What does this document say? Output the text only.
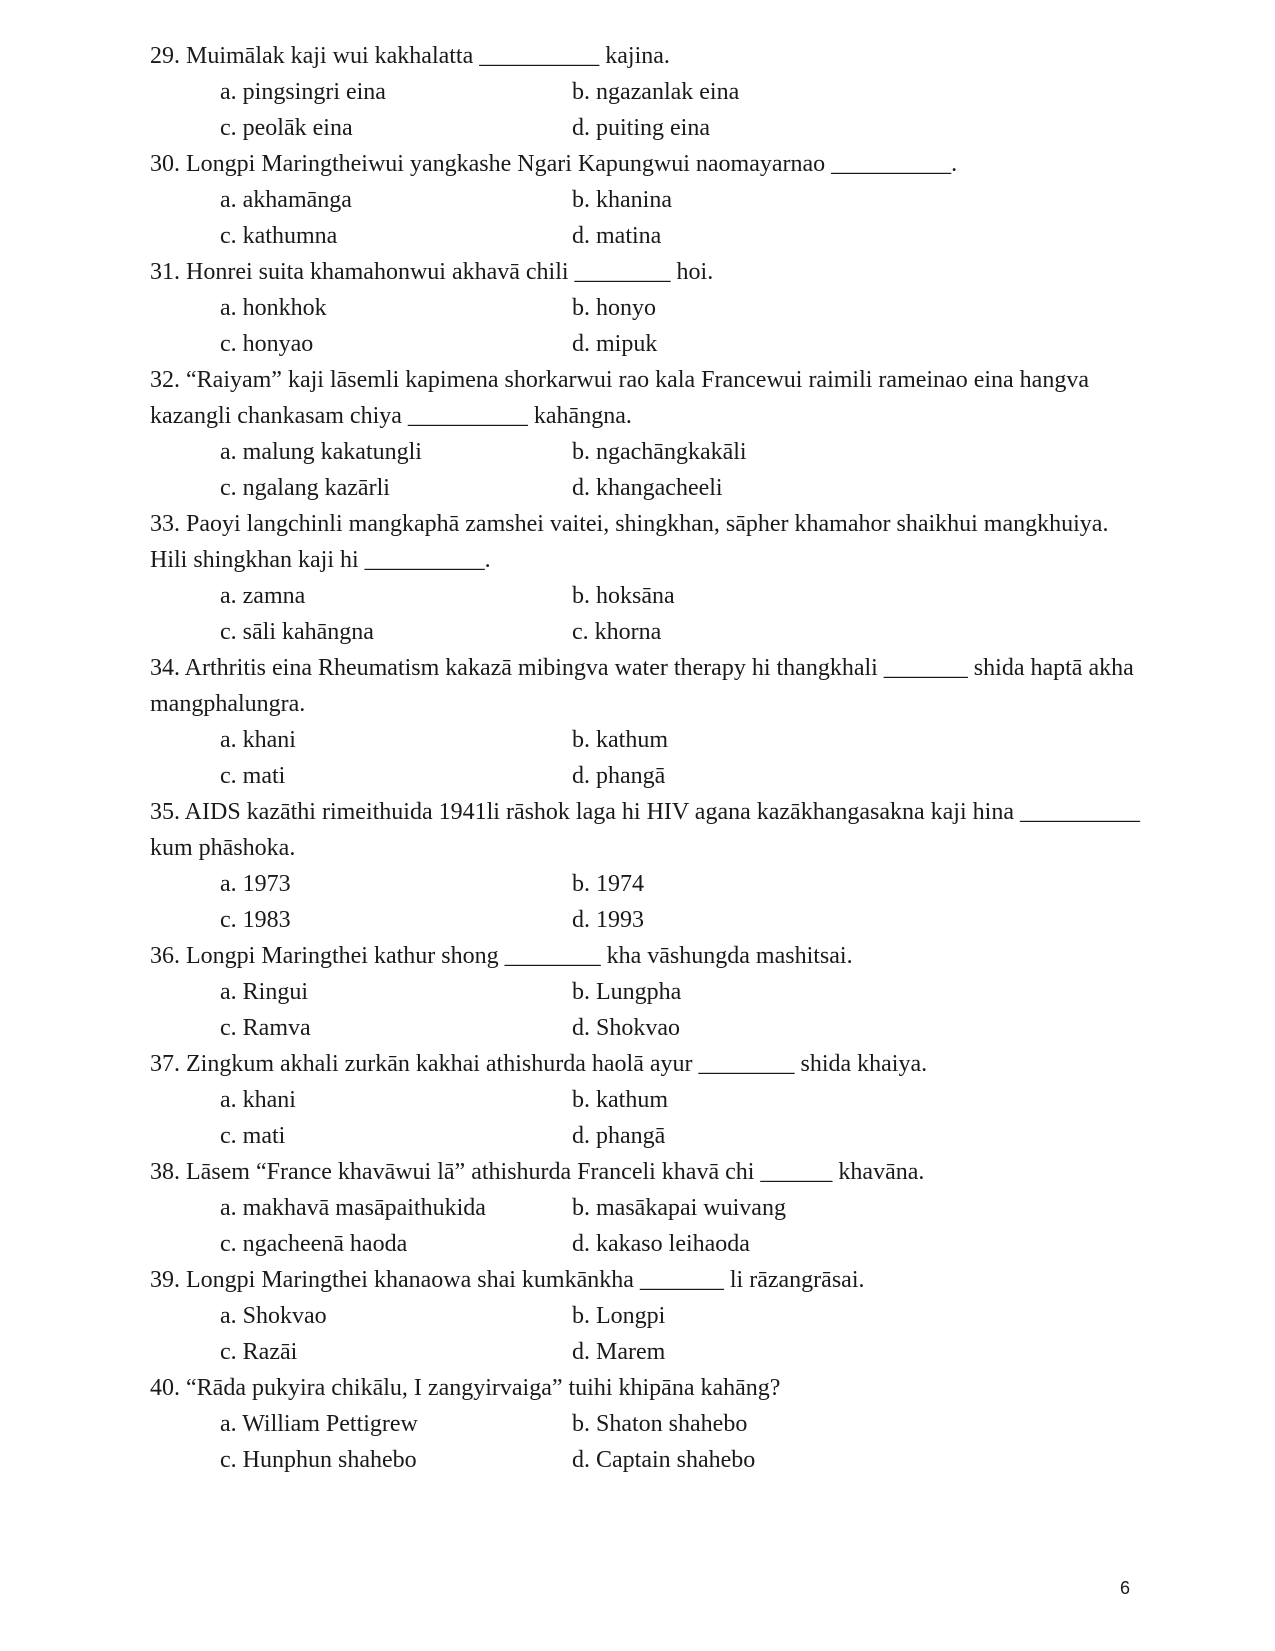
29. Muimālak kaji wui kakhalatta __________ kajina.

a. pingsingri eina	b. ngazanlak eina
c. peolāk eina	d. puiting eina

30. Longpi Maringtheiwui yangkashe Ngari Kapungwui naomayarnao __________.

a. akhamānga	b. khanina
c. kathumna	d. matina

31. Honrei suita khamahonwui akhavā chili ________ hoi.

a. honkhok	b. honyo
c. honyao	d. mipuk

32. “Raiyam” kaji lāsemli kapimena shorkarwui rao kala Francewui raimili rameinao eina hangva kazangli chankasam chiya __________ kahāngna.

a. malung kakatungli	b. ngachāngkakāli
c. ngalang kazārli	d. khangacheeli

33. Paoyi langchinli mangkaphā zamshei vaitei, shingkhan, sāpher khamahor shaikhui mangkhuiya. Hili shingkhan kaji hi __________.

a. zamna	b. hoksāna
c. sāli kahāngna	c. khorna

34. Arthritis eina Rheumatism kakazā mibingva water therapy hi thangkhali _______ shida haptā akha mangphalungra.

a. khani	b. kathum
c. mati	d. phangā

35. AIDS kazāthi rimeithuida 1941li rāshok laga hi HIV agana kazākhangasakna kaji hina __________ kum phāshoka.

a. 1973	b. 1974
c. 1983	d. 1993

36. Longpi Maringthei kathur shong ________ kha vāshungda mashitsai.

a. Ringui	b. Lungpha
c. Ramva	d. Shokvao

37. Zingkum akhali zurkān kakhai athishurda haolā ayur ________ shida khaiya.

a. khani	b. kathum
c. mati	d. phangā

38. Lāsem “France khavāwui lā” athishurda Franceli khavā chi ______ khavāna.

a. makhavā masāpaithukida	b. masākapai wuivang
c. ngacheenā haoda	d. kakaso leihaoda

39. Longpi Maringthei khanaowa shai kumkānkha _______ li rāzangrāsai.

a. Shokvao	b. Longpi
c. Razāi	d. Marem

40. “Rāda pukyira chikālu, I zangyirvaiga” tuihi khipāna kahāng?

a. William Pettigrew	b. Shaton shahebo
c. Hunphun shahebo	d. Captain shahebo
6
